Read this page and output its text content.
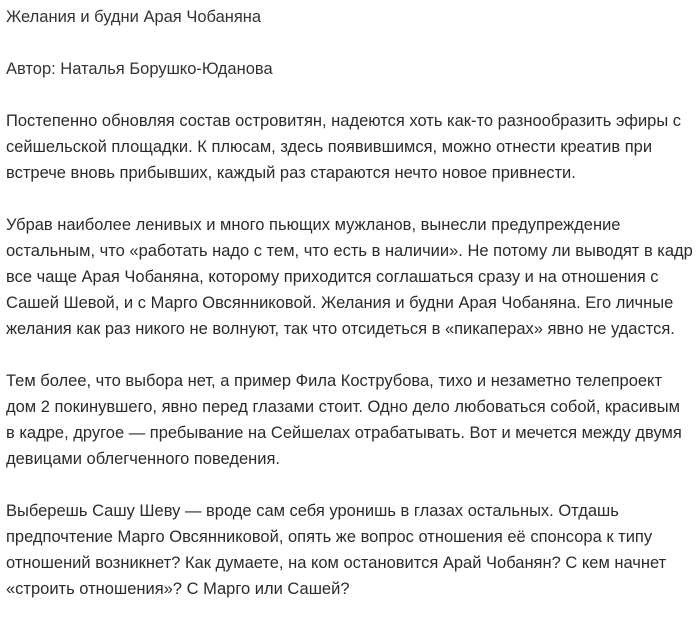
Желания и будни Арая Чобаняна

Автор: Наталья Борушко-Юданова

Постепенно обновляя состав островитян, надеются хоть как-то разнообразить эфиры с сейшельской площадки. К плюсам, здесь появившимся, можно отнести креатив при встрече вновь прибывших, каждый раз стараются нечто новое привнести.

Убрав наиболее ленивых и много пьющих мужланов, вынесли предупреждение остальным, что «работать надо с тем, что есть в наличии». Не потому ли выводят в кадр все чаще Арая Чобаняна, которому приходится соглашаться сразу и на отношения с Сашей Шевой, и с Марго Овсянниковой. Желания и будни Арая Чобаняна. Его личные желания как раз никого не волнуют, так что отсидеться в «пикаперах» явно не удастся.

Тем более, что выбора нет, а пример Фила Кострубова, тихо и незаметно телепроект дом 2 покинувшего, явно перед глазами стоит. Одно дело любоваться собой, красивым в кадре, другое — пребывание на Сейшелах отрабатывать. Вот и мечется между двумя девицами облегченного поведения.

Выберешь Сашу Шеву — вроде сам себя уронишь в глазах остальных. Отдашь предпочтение Марго Овсянниковой, опять же вопрос отношения её спонсора к типу отношений возникнет? Как думаете, на ком остановится Арай Чобанян? С кем начнет «строить отношения»? С Марго или Сашей?
